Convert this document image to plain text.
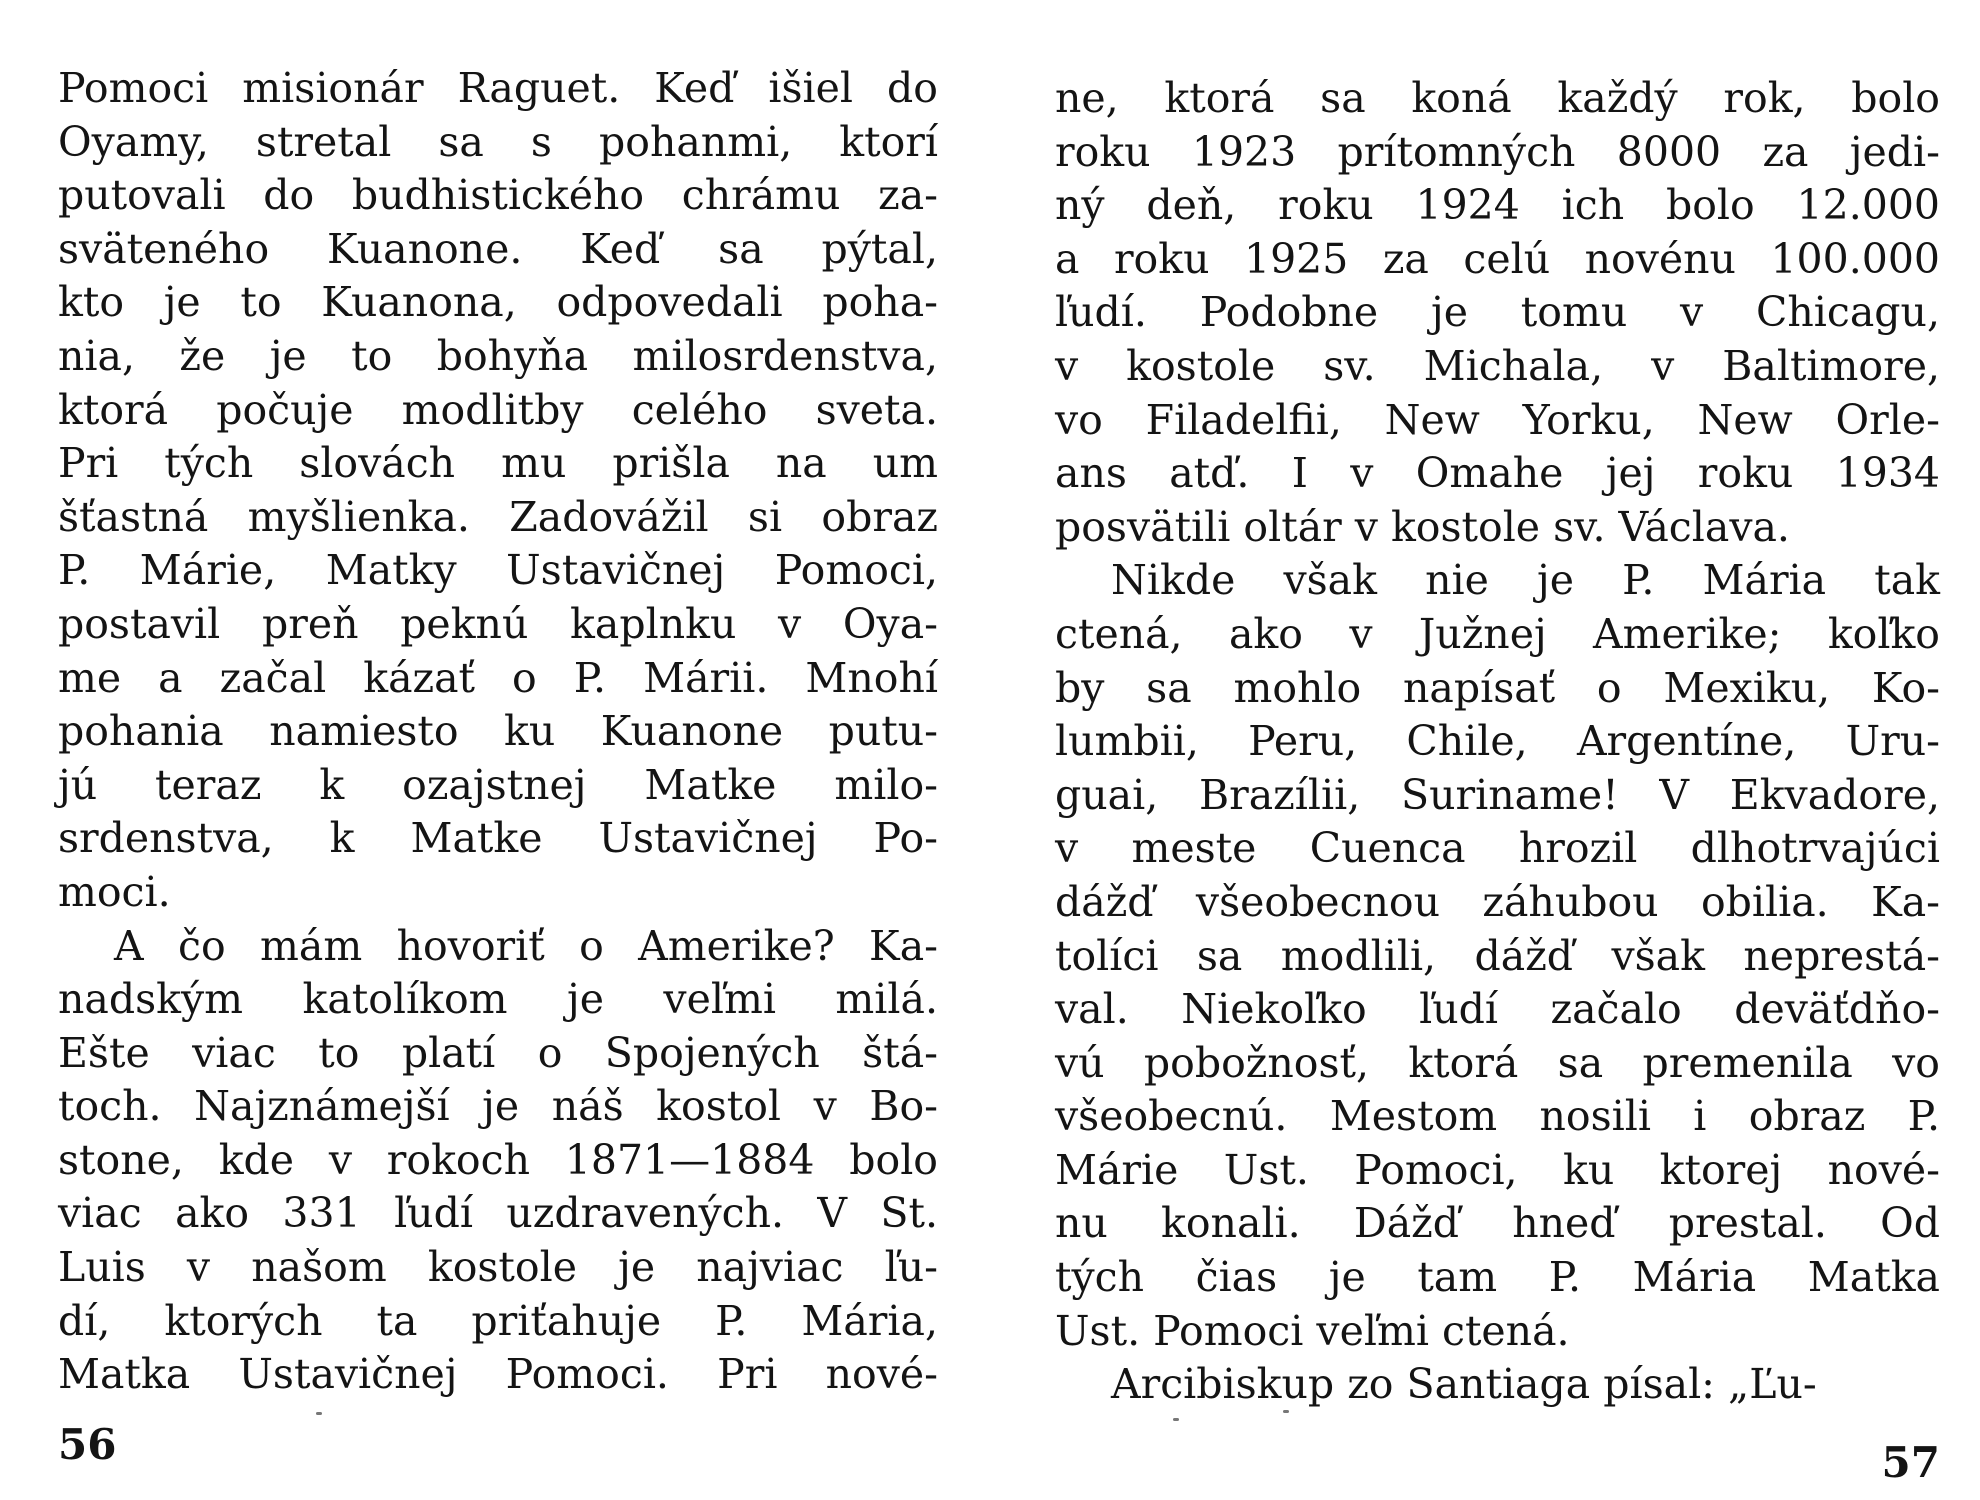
Pomoci misionár Raguet. Keď išiel do
Oyamy, stretal sa s pohanmi, ktorí
putovali do budhistického chrámu za-
sväteného Kuanone. Keď sa pýtal,
kto je to Kuanona, odpovedali poha-
nia, že je to bohyňa milosrdenstva,
ktorá počuje modlitby celého sveta.
Pri tých slovách mu prišla na um
šťastná myšlienka. Zadovážil si obraz
P. Márie, Matky Ustavičnej Pomoci,
postavil preň peknú kaplnku v Oya-
me a začal kázať o P. Márii. Mnohí
pohania namiesto ku Kuanone putu-
jú teraz k ozajstnej Matke milo-
srdenstva, k Matke Ustavičnej Po-
moci.
A čo mám hovoriť o Amerike? Ka-
nadským katolíkom je veľmi milá.
Ešte viac to platí o Spojených štá-
toch. Najznámejší je náš kostol v Bo-
stone, kde v rokoch 1871—1884 bolo
viac ako 331 ľudí uzdravených. V St.
Luis v našom kostole je najviac ľu-
dí, ktorých ta priťahuje P. Mária,
Matka Ustavičnej Pomoci. Pri nové-
56
ne, ktorá sa koná každý rok, bolo
roku 1923 prítomných 8000 za jedi-
ný deň, roku 1924 ich bolo 12.000
a roku 1925 za celú novénu 100.000
ľudí. Podobne je tomu v Chicagu,
v kostole sv. Michala, v Baltimore,
vo Filadelfii, New Yorku, New Orle-
ans atď. I v Omahe jej roku 1934
posvätili oltár v kostole sv. Václava.
Nikde však nie je P. Mária tak
ctená, ako v Južnej Amerike; koľko
by sa mohlo napísať o Mexiku, Ko-
lumbii, Peru, Chile, Argentíne, Uru-
guai, Brazílii, Suriname! V Ekvadore,
v meste Cuenca hrozil dlhotrvajúci
dážď všeobecnou záhubou obilia. Ka-
tolíci sa modlili, dážď však neprestá-
val. Niekoľko ľudí začalo deväťdňo-
vú pobožnosť, ktorá sa premenila vo
všeobecnú. Mestom nosili i obraz P.
Márie Ust. Pomoci, ku ktorej nové-
nu konali. Dážď hneď prestal. Od
tých čias je tam P. Mária Matka
Ust. Pomoci veľmi ctená.
Arcibiskup zo Santiaga písal: „Ľu-
57
